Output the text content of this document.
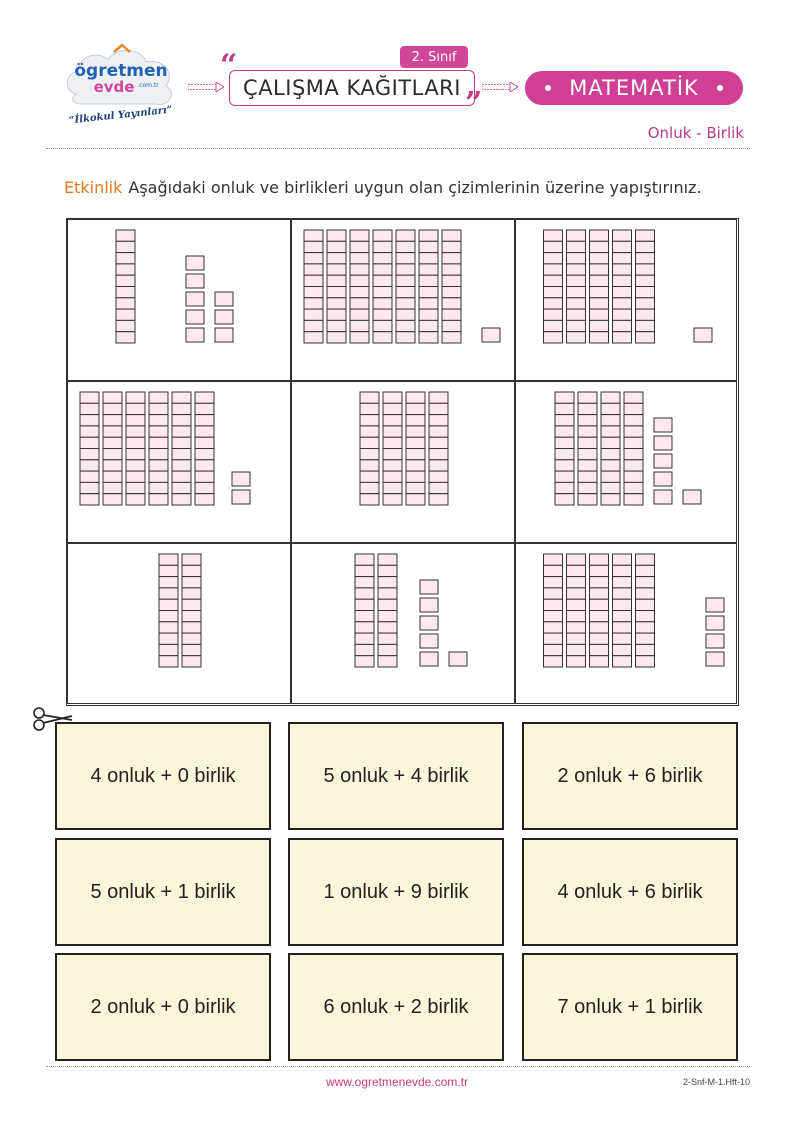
ögretmen
evde .com.tr
“İlkokul Yayınları”
ÇALIŞMA KAĞITLARI
“
”
2. Sınıf
MATEMATİK
Onluk - Birlik
Etkinlik Aşağıdaki onluk ve birlikleri uygun olan çizimlerinin üzerine yapıştırınız.
4 onluk + 0 birlik	5 onluk + 4 birlik	2 onluk + 6 birlik
5 onluk + 1 birlik	1 onluk + 9 birlik	4 onluk + 6 birlik
2 onluk + 0 birlik	6 onluk + 2 birlik	7 onluk + 1 birlik
www.ogretmenevde.com.tr	2-Snf-M-1.Hft-10
